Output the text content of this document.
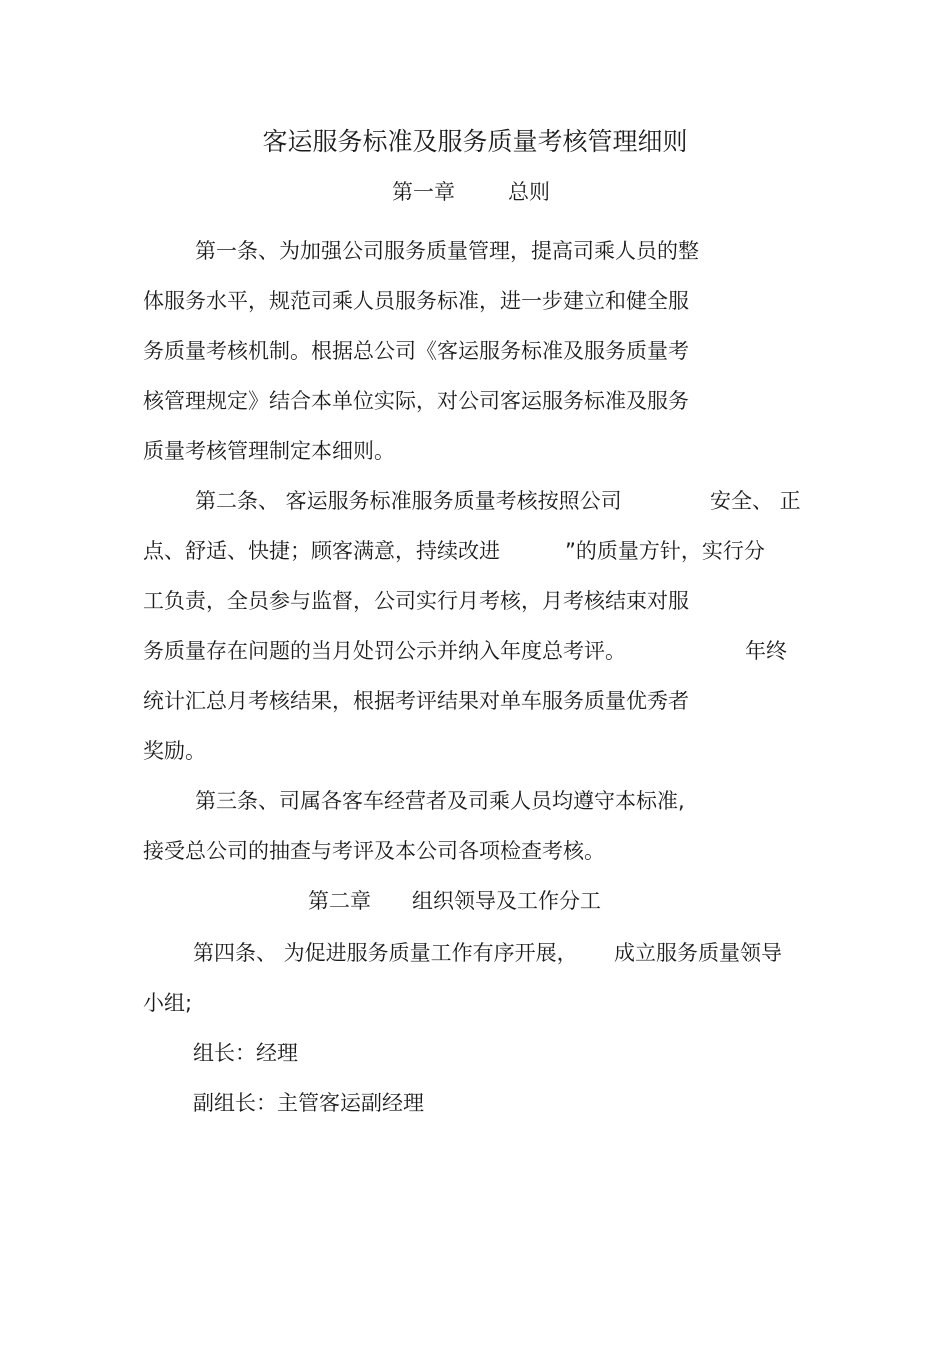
客运服务标准及服务质量考核管理细则
第一章	总则
第一条、为加强公司服务质量管理，提高司乘人员的整
体服务水平，规范司乘人员服务标准，进一步建立和健全服
务质量考核机制。根据总公司《客运服务标准及服务质量考
核管理规定》结合本单位实际，对公司客运服务标准及服务
质量考核管理制定本细则。
第二条、 客运服务标准服务质量考核按照公司	安全、 正
点、舒适、快捷；顾客满意，持续改进	”的质量方针，实行分
工负责，全员参与监督，公司实行月考核，月考核结束对服
务质量存在问题的当月处罚公示并纳入年度总考评。	年终
统计汇总月考核结果，根据考评结果对单车服务质量优秀者
奖励。
第三条、司属各客车经营者及司乘人员均遵守本标准,
接受总公司的抽查与考评及本公司各项检查考核。
第二章 组织领导及工作分工
第四条、 为促进服务质量工作有序开展， 成立服务质量领导
小组;
组长：经理
副组长：主管客运副经理
